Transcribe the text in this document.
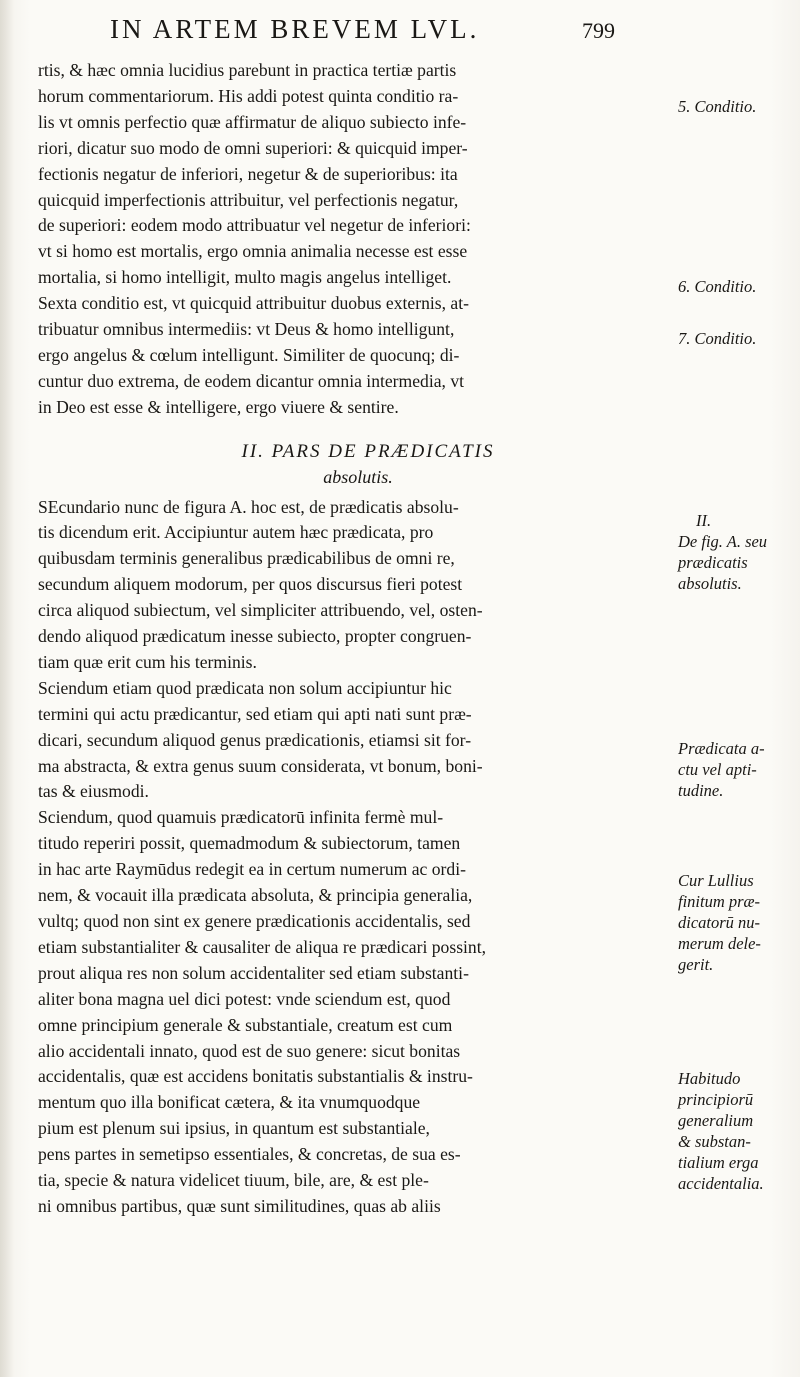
IN ARTEM BREVEM LVL.	799
rtis, & hæc omnia lucidius parebunt in practica tertiæ partis
horum commentariorum. His addi potest quinta conditio ra-
lis vt omnis perfectio quæ affirmatur de aliquo subiecto infe-
riori, dicatur suo modo de omni superiori: & quicquid imper-
fectionis negatur de inferiori, negetur & de superioribus: ita
quicquid imperfectionis attribuitur, vel perfectionis negatur,
de superiori: eodem modo attribuatur vel negetur de inferiori:
vt si homo est mortalis, ergo omnia animalia necesse est esse
mortalia, si homo intelligit, multo magis angelus intelliget.
Sexta conditio est, vt quicquid attribuitur duobus externis, at-
tribuatur omnibus intermediis: vt Deus & homo intelligunt,
ergo angelus & cœlum intelligunt. Similiter de quocunq; di-
cuntur duo extrema, de eodem dicantur omnia intermedia, vt
in Deo est esse & intelligere, ergo viuere & sentire.
II. PARS DE PRÆDICATIS
absolutis.
SEcundario nunc de figura A. hoc est, de prædicatis absolu-
tis dicendum erit. Accipiuntur autem hæc prædicata, pro
quibusdam terminis generalibus prædicabilibus de omni re,
secundum aliquem modorum, per quos discursus fieri potest
circa aliquod subiectum, vel simpliciter attribuendo, vel, osten-
dendo aliquod prædicatum inesse subiecto, propter congruen-
tiam quæ erit cum his terminis.
Sciendum etiam quod prædicata non solum accipiuntur hic
termini qui actu prædicantur, sed etiam qui apti nati sunt præ-
dicari, secundum aliquod genus prædicationis, etiamsi sit for-
ma abstracta, & extra genus suum considerata, vt bonum, boni-
tas & eiusmodi.
Sciendum, quod quamuis prædicatorū infinita fermè mul-
titudo reperiri possit, quemadmodum & subiectorum, tamen
in hac arte Raymūdus redegit ea in certum numerum ac ordi-
nem, & vocauit illa prædicata absoluta, & principia generalia,
vultq; quod non sint ex genere prædicationis accidentalis, sed
etiam substantialiter & causaliter de aliqua re prædicari possint,
prout aliqua res non solum accidentaliter sed etiam substanti-
aliter bona magna uel dici potest: vnde sciendum est, quod
omne principium generale & substantiale, creatum est cum
alio accidentali innato, quod est de suo genere: sicut bonitas
accidentalis, quæ est accidens bonitatis substantialis & instru-
mentum quo illa bonificat cætera, & ita vnumquodque
pium est plenum sui ipsius, in quantum est substantiale,
pens partes in semetipso essentiales, & concretas, de sua es-
tia, specie & natura videlicet tiuum, bile, are, & est ple-
ni omnibus partibus, quæ sunt similitudines, quas ab aliis
5. Conditio.
6. Conditio.
7. Conditio.
II.
De fig. A. seu
prædicatis
absolutis.
Prædicata a-
ctu vel apti-
tudine.
Cur Lullius
finitum præ-
dicatorū nu-
merum dele-
gerit.
Habitudo
principiorū
generalium
& substan-
tialium erga
accidentalia.
